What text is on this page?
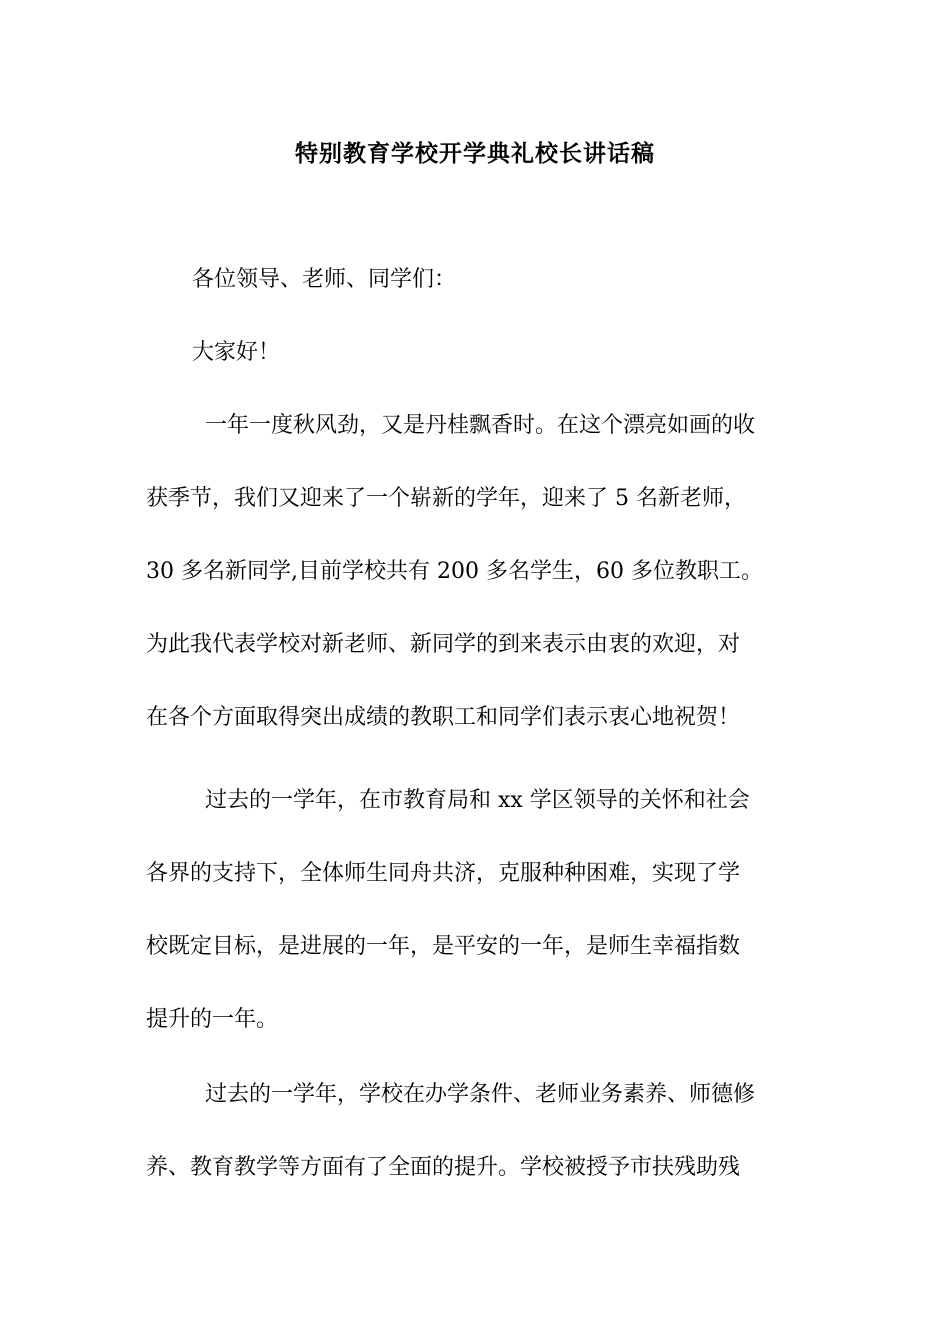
特别教育学校开学典礼校长讲话稿
各位领导、老师、同学们：
大家好！
一年一度秋风劲，又是丹桂飘香时。在这个漂亮如画的收
获季节，我们又迎来了一个崭新的学年，迎来了 5 名新老师，
30 多名新同学,目前学校共有 200 多名学生，60 多位教职工。
为此我代表学校对新老师、新同学的到来表示由衷的欢迎，对
在各个方面取得突出成绩的教职工和同学们表示衷心地祝贺！
过去的一学年，在市教育局和 xx 学区领导的关怀和社会
各界的支持下，全体师生同舟共济，克服种种困难，实现了学
校既定目标，是进展的一年，是平安的一年，是师生幸福指数
提升的一年。
过去的一学年，学校在办学条件、老师业务素养、师德修
养、教育教学等方面有了全面的提升。学校被授予市扶残助残
